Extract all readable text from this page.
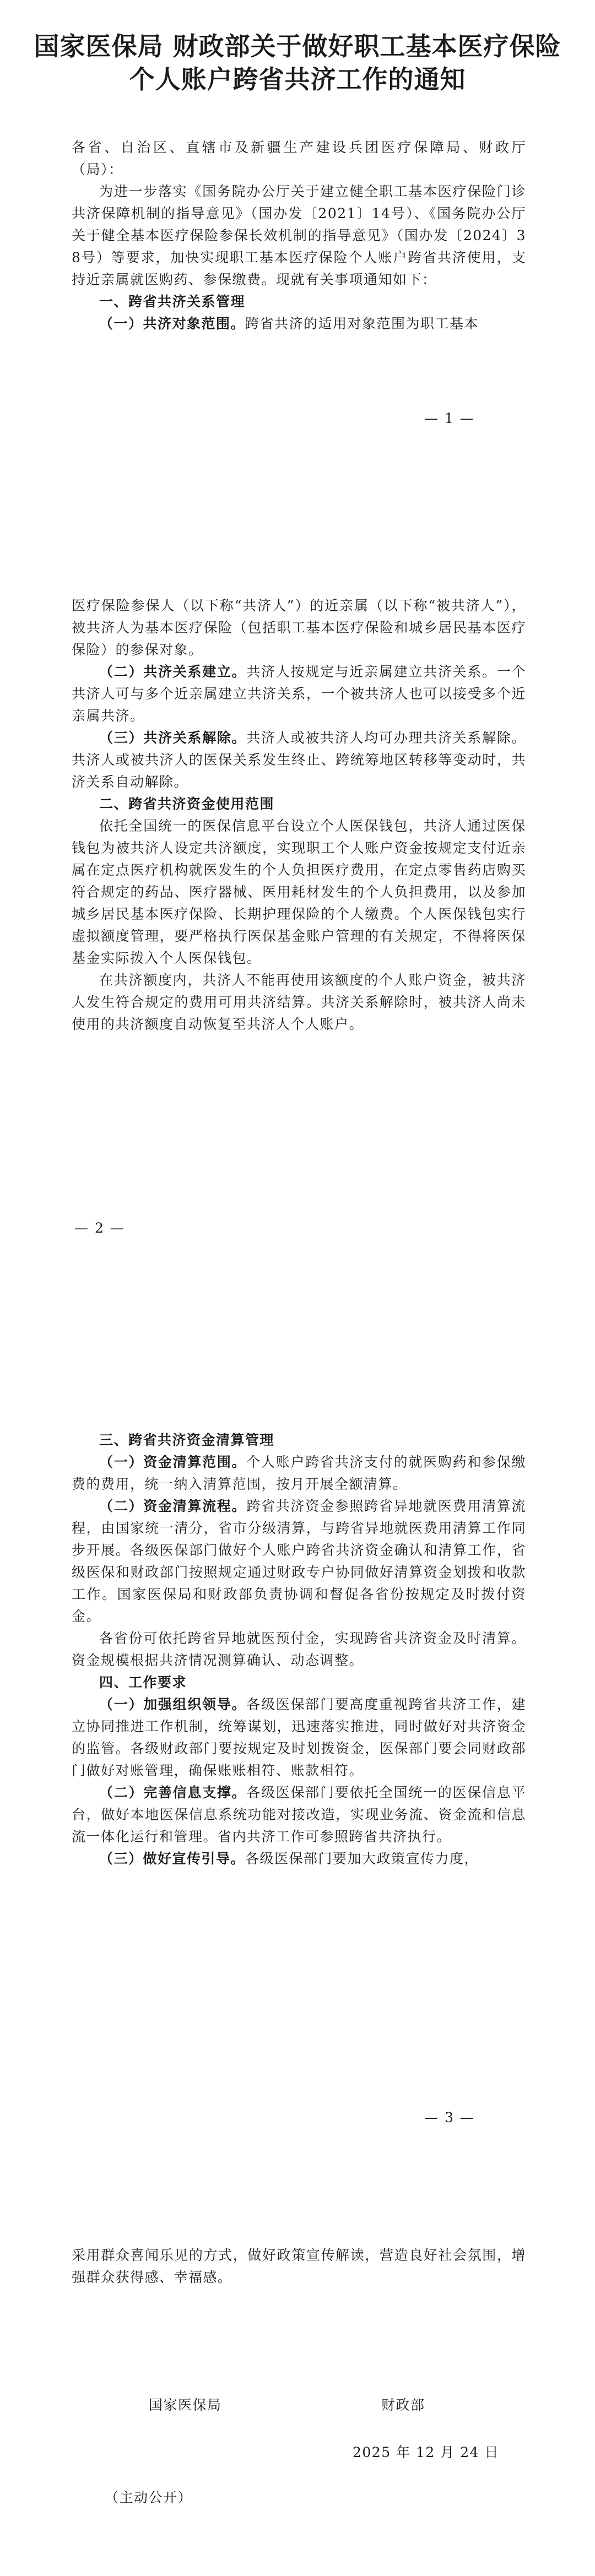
国家医保局 财政部关于做好职工基本医疗保险
个人账户跨省共济工作的通知

各省、自治区、直辖市及新疆生产建设兵团医疗保障局、财政厅（局）：

为进一步落实《国务院办公厅关于建立健全职工基本医疗保险门诊共济保障机制的指导意见》（国办发〔2021〕14号）、《国务院办公厅关于健全基本医疗保险参保长效机制的指导意见》（国办发〔2024〕38号）等要求，加快实现职工基本医疗保险个人账户跨省共济使用，支持近亲属就医购药、参保缴费。现就有关事项通知如下：

一、跨省共济关系管理

（一）共济对象范围。跨省共济的适用对象范围为职工基本

— 1 —

医疗保险参保人（以下称“共济人”）的近亲属（以下称“被共济人”），被共济人为基本医疗保险（包括职工基本医疗保险和城乡居民基本医疗保险）的参保对象。

（二）共济关系建立。共济人按规定与近亲属建立共济关系。一个共济人可与多个近亲属建立共济关系，一个被共济人也可以接受多个近亲属共济。

（三）共济关系解除。共济人或被共济人均可办理共济关系解除。共济人或被共济人的医保关系发生终止、跨统筹地区转移等变动时，共济关系自动解除。

二、跨省共济资金使用范围

依托全国统一的医保信息平台设立个人医保钱包，共济人通过医保钱包为被共济人设定共济额度，实现职工个人账户资金按规定支付近亲属在定点医疗机构就医发生的个人负担医疗费用，在定点零售药店购买符合规定的药品、医疗器械、医用耗材发生的个人负担费用，以及参加城乡居民基本医疗保险、长期护理保险的个人缴费。个人医保钱包实行虚拟额度管理，要严格执行医保基金账户管理的有关规定，不得将医保基金实际拨入个人医保钱包。

在共济额度内，共济人不能再使用该额度的个人账户资金，被共济人发生符合规定的费用可用共济结算。共济关系解除时，被共济人尚未使用的共济额度自动恢复至共济人个人账户。

— 2 —

三、跨省共济资金清算管理

（一）资金清算范围。个人账户跨省共济支付的就医购药和参保缴费的费用，统一纳入清算范围，按月开展全额清算。

（二）资金清算流程。跨省共济资金参照跨省异地就医费用清算流程，由国家统一清分，省市分级清算，与跨省异地就医费用清算工作同步开展。各级医保部门做好个人账户跨省共济资金确认和清算工作，省级医保和财政部门按照规定通过财政专户协同做好清算资金划拨和收款工作。国家医保局和财政部负责协调和督促各省份按规定及时拨付资金。

各省份可依托跨省异地就医预付金，实现跨省共济资金及时清算。资金规模根据共济情况测算确认、动态调整。

四、工作要求

（一）加强组织领导。各级医保部门要高度重视跨省共济工作，建立协同推进工作机制，统筹谋划，迅速落实推进，同时做好对共济资金的监管。各级财政部门要按规定及时划拨资金，医保部门要会同财政部门做好对账管理，确保账账相符、账款相符。

（二）完善信息支撑。各级医保部门要依托全国统一的医保信息平台，做好本地医保信息系统功能对接改造，实现业务流、资金流和信息流一体化运行和管理。省内共济工作可参照跨省共济执行。

（三）做好宣传引导。各级医保部门要加大政策宣传力度，

— 3 —

采用群众喜闻乐见的方式，做好政策宣传解读，营造良好社会氛围，增强群众获得感、幸福感。

国家医保局	财政部
2025 年 12 月 24 日
（主动公开）
